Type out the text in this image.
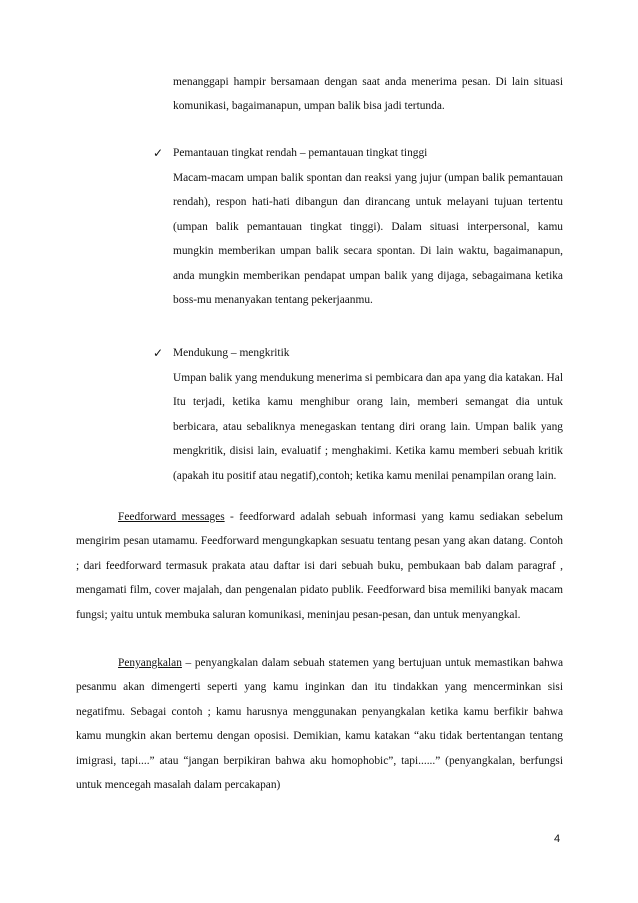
menanggapi hampir bersamaan dengan saat anda menerima pesan. Di lain situasi komunikasi, bagaimanapun, umpan balik bisa jadi tertunda.

✓ Pemantauan tingkat rendah – pemantauan tingkat tinggi

Macam-macam umpan balik spontan dan reaksi yang jujur (umpan balik pemantauan rendah), respon hati-hati dibangun dan dirancang untuk melayani tujuan tertentu (umpan balik pemantauan tingkat tinggi). Dalam situasi interpersonal, kamu mungkin memberikan umpan balik secara spontan. Di lain waktu, bagaimanapun, anda mungkin memberikan pendapat umpan balik yang dijaga, sebagaimana ketika boss-mu menanyakan tentang pekerjaanmu.

✓ Mendukung – mengkritik

Umpan balik yang mendukung menerima si pembicara dan apa yang dia katakan. Hal Itu terjadi, ketika kamu menghibur orang lain, memberi semangat dia untuk berbicara, atau sebaliknya menegaskan tentang diri orang lain. Umpan balik yang mengkritik, disisi lain, evaluatif ; menghakimi. Ketika kamu memberi sebuah kritik (apakah itu positif atau negatif),contoh; ketika kamu menilai penampilan orang lain.

Feedforward messages - feedforward adalah sebuah informasi yang kamu sediakan sebelum mengirim pesan utamamu. Feedforward mengungkapkan sesuatu tentang pesan yang akan datang. Contoh ; dari feedforward termasuk prakata atau daftar isi dari sebuah buku, pembukaan bab dalam paragraf , mengamati film, cover majalah, dan pengenalan pidato publik. Feedforward bisa memiliki banyak macam fungsi; yaitu untuk membuka saluran komunikasi, meninjau pesan-pesan, dan untuk menyangkal.

Penyangkalan – penyangkalan dalam sebuah statemen yang bertujuan untuk memastikan bahwa pesanmu akan dimengerti seperti yang kamu inginkan dan itu tindakkan yang mencerminkan sisi negatifmu. Sebagai contoh ; kamu harusnya menggunakan penyangkalan ketika kamu berfikir bahwa kamu mungkin akan bertemu dengan oposisi. Demikian, kamu katakan “aku tidak bertentangan tentang imigrasi, tapi....” atau “jangan berpikiran bahwa aku homophobic”, tapi......” (penyangkalan, berfungsi untuk mencegah masalah dalam percakapan)

4
